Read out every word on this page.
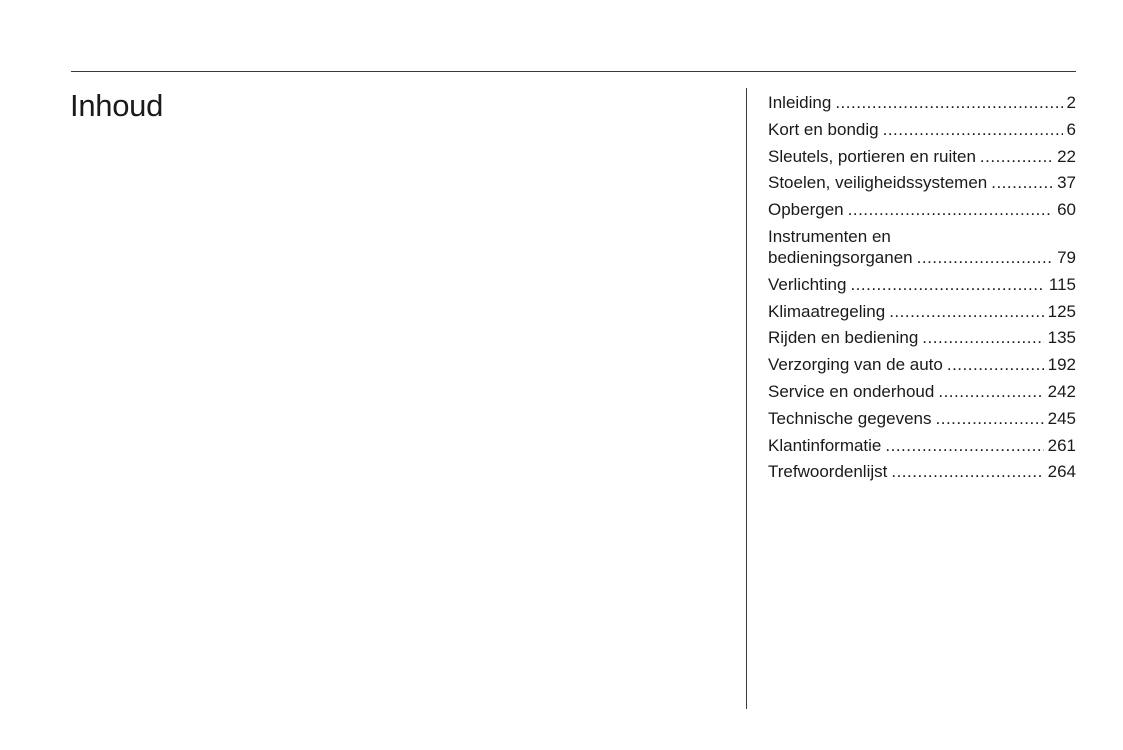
Inhoud	Inleiding .....	2
Kort en bondig .....	6
Sleutels, portieren en ruiten .....	22
Stoelen, veiligheidssystemen .....	37
Opbergen .....	60
Instrumenten en
bedieningsorganen .....	79
Verlichting .....	115
Klimaatregeling .....	125
Rijden en bediening .....	135
Verzorging van de auto .....	192
Service en onderhoud .....	242
Technische gegevens .....	245
Klantinformatie .....	261
Trefwoordenlijst .....	264
